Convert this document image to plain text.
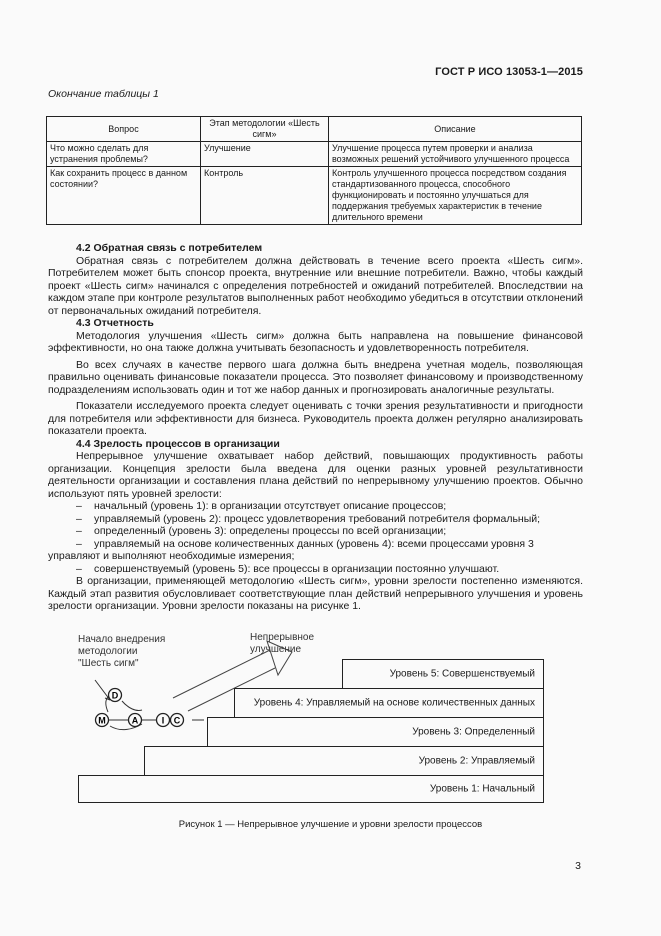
ГОСТ Р ИСО 13053-1—2015
Окончание таблицы 1
Вопрос	Этап методологии «Шесть сигм»	Описание
Что можно сделать для устранения проблемы?	Улучшение	Улучшение процесса путем проверки и анализа возможных решений устойчивого улучшенного процесса
Как сохранить процесс в данном состоянии?	Контроль	Контроль улучшенного процесса посредством создания стандартизованного процесса, способного функционировать и постоянно улучшаться для поддержания требуемых характеристик в течение длительного времени

4.2 Обратная связь с потребителем

Обратная связь с потребителем должна действовать в течение всего проекта «Шесть сигм». Потребителем может быть спонсор проекта, внутренние или внешние потребители. Важно, чтобы каждый проект «Шесть сигм» начинался с определения потребностей и ожиданий потребителей. Впоследствии на каждом этапе при контроле результатов выполненных работ необходимо убедиться в отсутствии отклонений от первоначальных ожиданий потребителя.

4.3 Отчетность

Методология улучшения «Шесть сигм» должна быть направлена на повышение финансовой эффективности, но она также должна учитывать безопасность и удовлетворенность потребителя.

Во всех случаях в качестве первого шага должна быть внедрена учетная модель, позволяющая правильно оценивать финансовые показатели процесса. Это позволяет финансовому и производственному подразделениям использовать один и тот же набор данных и прогнозировать аналогичные результаты.

Показатели исследуемого проекта следует оценивать с точки зрения результативности и пригодности для потребителя или эффективности для бизнеса. Руководитель проекта должен регулярно анализировать показатели проекта.

4.4 Зрелость процессов в организации

Непрерывное улучшение охватывает набор действий, повышающих продуктивность работы организации. Концепция зрелости была введена для оценки разных уровней результативности деятельности организации и составления плана действий по непрерывному улучшению проектов. Обычно используют пять уровней зрелости:

–	начальный (уровень 1): в организации отсутствует описание процессов;

–	управляемый (уровень 2): процесс удовлетворения требований потребителя формальный;

–	определенный (уровень 3): определены процессы по всей организации;

–	управляемый на основе количественных данных (уровень 4): всеми процессами уровня 3

управляют и выполняют необходимые измерения;

–	совершенствуемый (уровень 5): все процессы в организации постоянно улучшают.

В организации, применяющей методологию «Шесть сигм», уровни зрелости постепенно изменяются. Каждый этап развития обусловливает соответствующие план действий непрерывного улучшения и уровень зрелости организации. Уровни зрелости показаны на рисунке 1.

Начало внедрения
методологии
"Шесть сигм"
Непрерывное
улучшение
D
M	A	I C
Уровень 5: Совершенствуемый
Уровень 4: Управляемый на основе количественных данных
Уровень 3: Определенный
Уровень 2: Управляемый
Уровень 1: Начальный
Рисунок 1 — Непрерывное улучшение и уровни зрелости процессов
3
